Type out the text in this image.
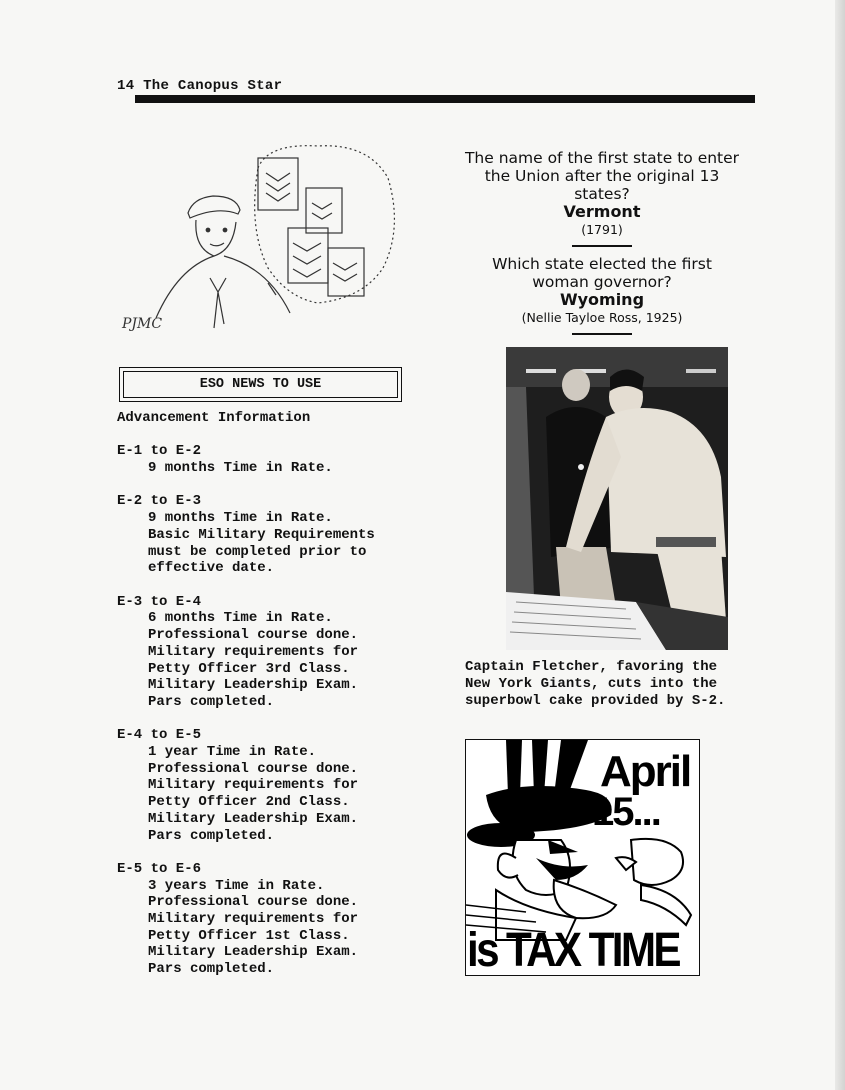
14 The Canopus Star
PJMC
The name of the first state to enter the Union after the original 13 states?
Vermont
(1791)
Which state elected the first woman governor?
Wyoming
(Nellie Tayloe Ross, 1925)
ESO NEWS TO USE
Advancement Information
E-1 to E-2
9 months Time in Rate.
E-2 to E-3
9 months Time in Rate.
Basic Military Requirements
must be completed prior to
effective date.
E-3 to E-4
6 months Time in Rate.
Professional course done.
Military requirements for
Petty Officer 3rd Class.
Military Leadership Exam.
Pars completed.
E-4 to E-5
1 year Time in Rate.
Professional course done.
Military requirements for
Petty Officer 2nd Class.
Military Leadership Exam.
Pars completed.
E-5 to E-6
3 years Time in Rate.
Professional course done.
Military requirements for
Petty Officer 1st Class.
Military Leadership Exam.
Pars completed.
Captain Fletcher, favoring the
New York Giants, cuts into the
superbowl cake provided by S-2.
April
15...
is TAX TIME
